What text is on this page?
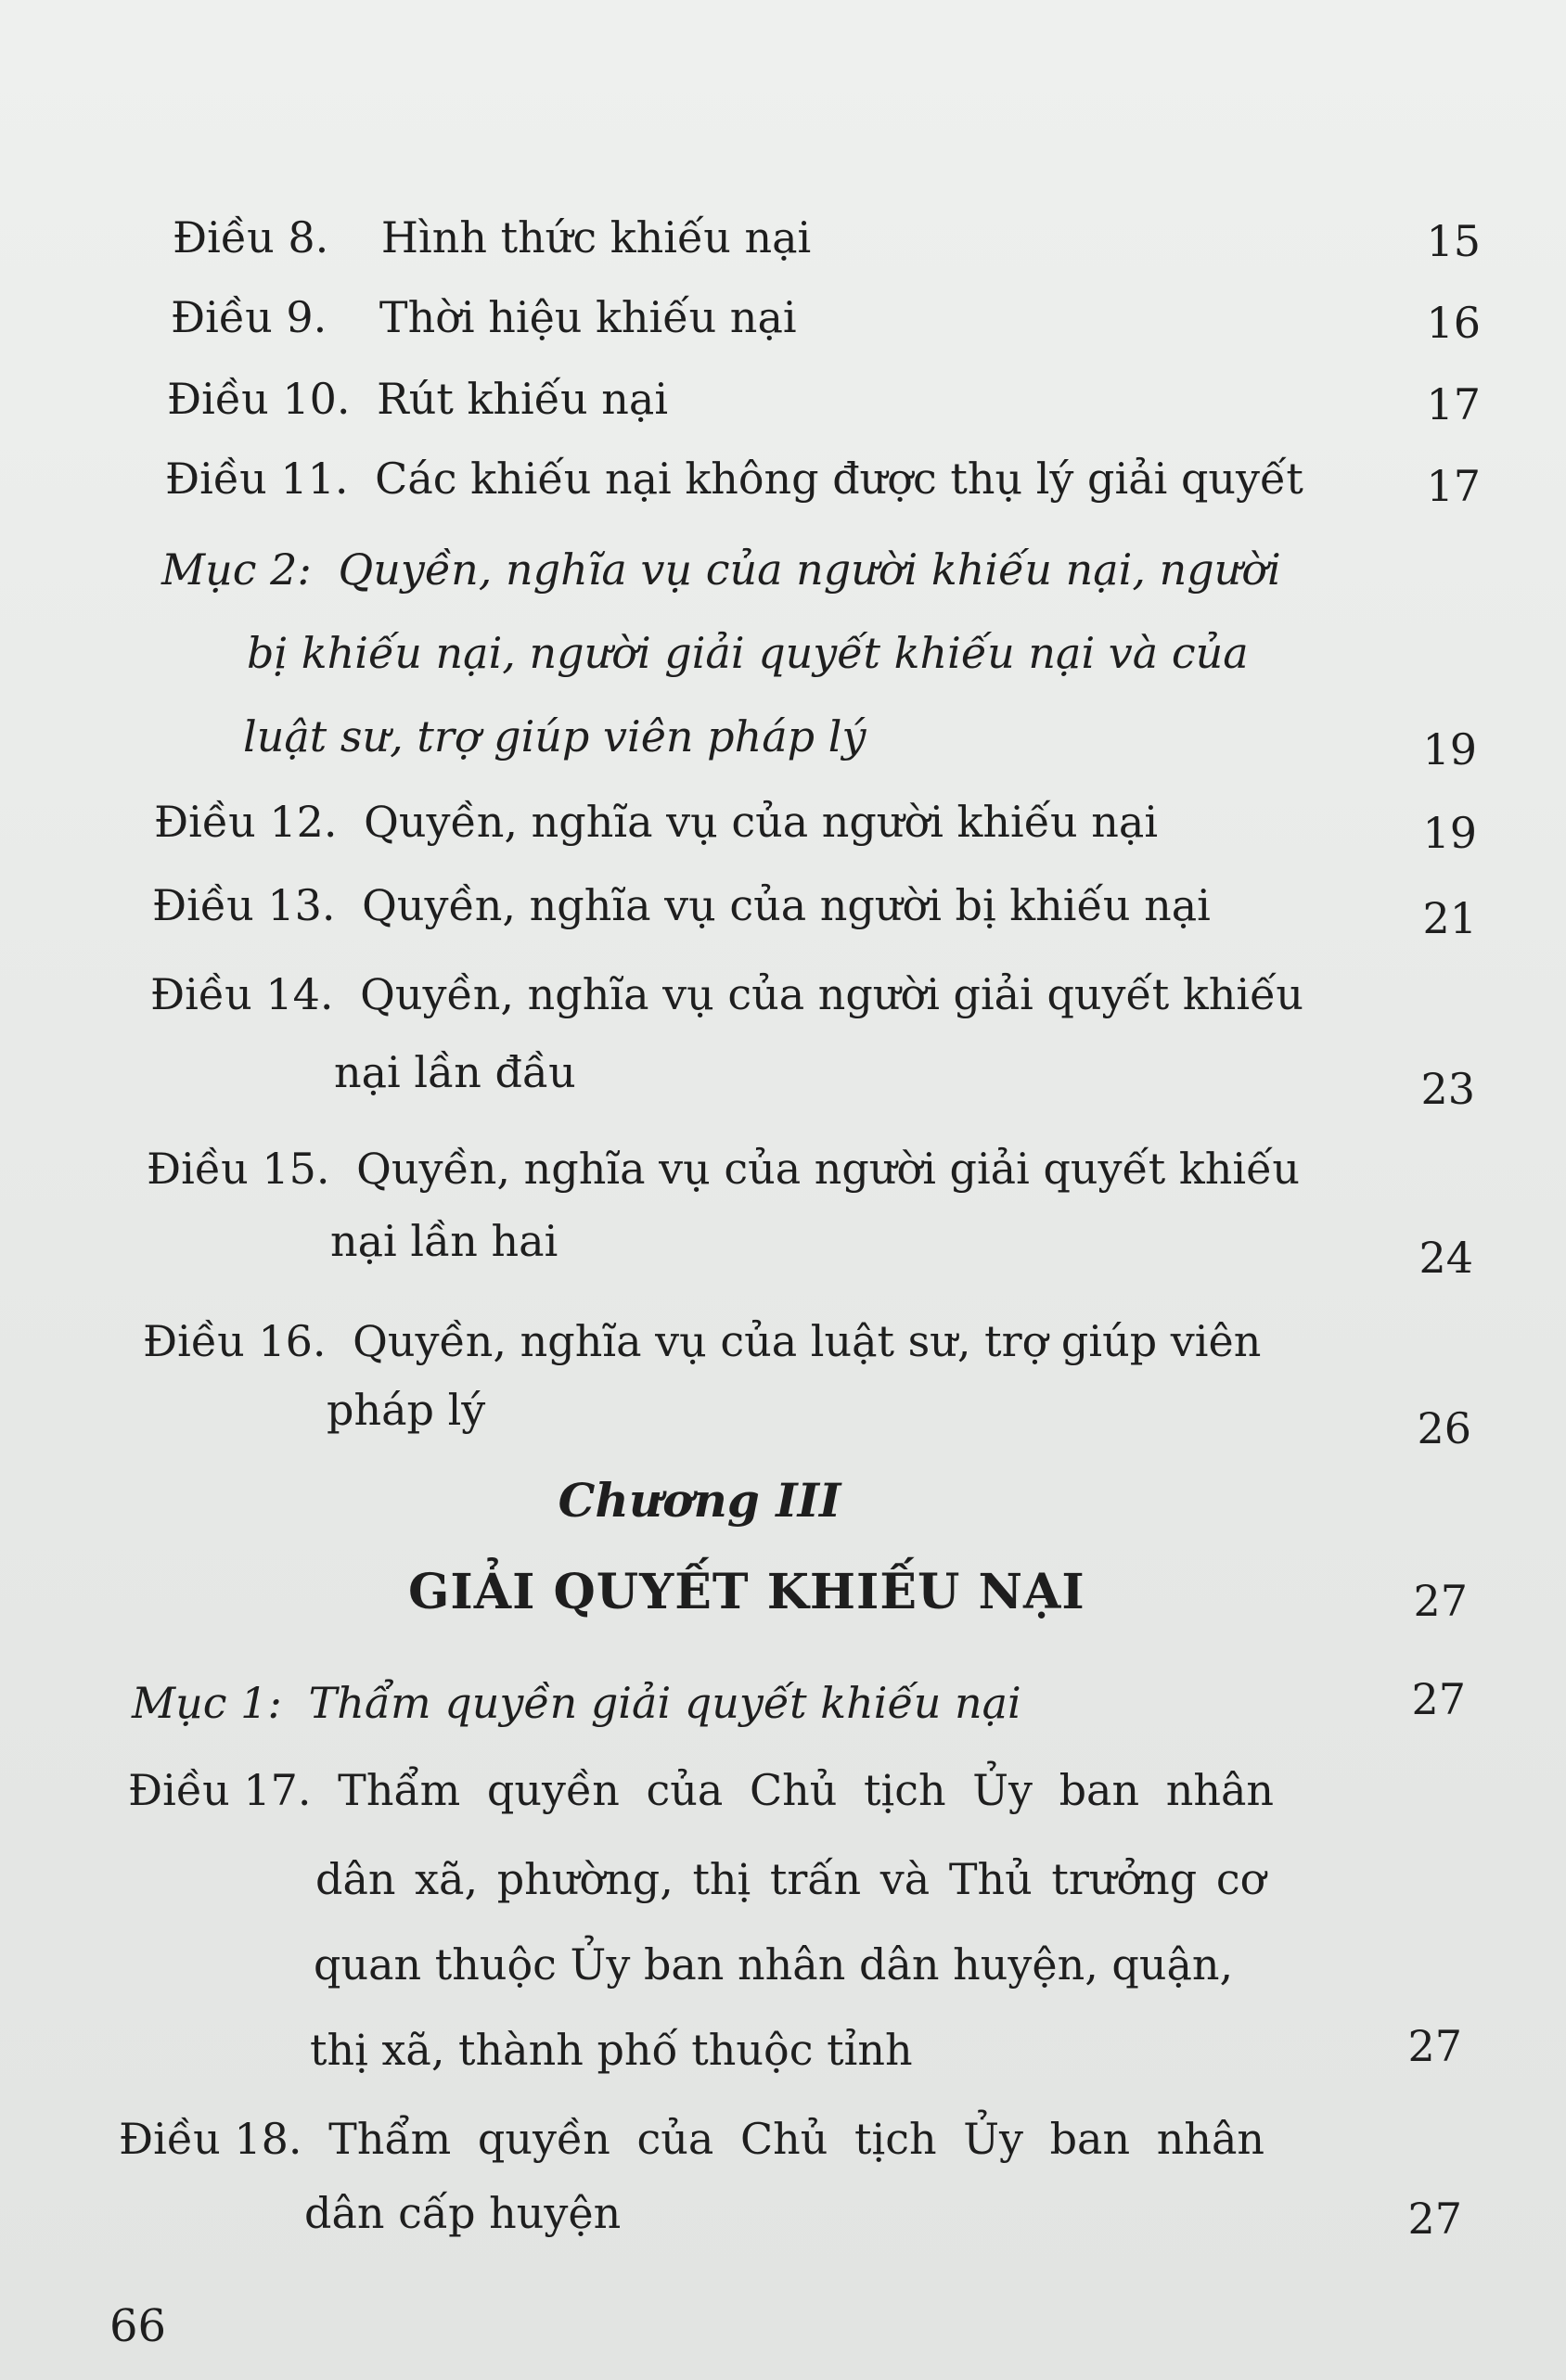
Điều 8. Hình thức khiếu nại	15
Điều 9. Thời hiệu khiếu nại	16
Điều 10. Rút khiếu nại	17
Điều 11. Các khiếu nại không được thụ lý giải quyết	17
Mục 2: Quyền, nghĩa vụ của người khiếu nại, người
bị khiếu nại, người giải quyết khiếu nại và của
luật sư, trợ giúp viên pháp lý	19
Điều 12. Quyền, nghĩa vụ của người khiếu nại	19
Điều 13. Quyền, nghĩa vụ của người bị khiếu nại	21
Điều 14. Quyền, nghĩa vụ của người giải quyết khiếu
nại lần đầu	23
Điều 15. Quyền, nghĩa vụ của người giải quyết khiếu
nại lần hai	24
Điều 16. Quyền, nghĩa vụ của luật sư, trợ giúp viên
pháp lý	26
Chương III
GIẢI QUYẾT KHIẾU NẠI	27
Mục 1: Thẩm quyền giải quyết khiếu nại	27
Điều 17. Thẩm quyền của Chủ tịch Ủy ban nhân
dân xã, phường, thị trấn và Thủ trưởng cơ
quan thuộc Ủy ban nhân dân huyện, quận,
thị xã, thành phố thuộc tỉnh	27
Điều 18. Thẩm quyền của Chủ tịch Ủy ban nhân
dân cấp huyện	27
66
